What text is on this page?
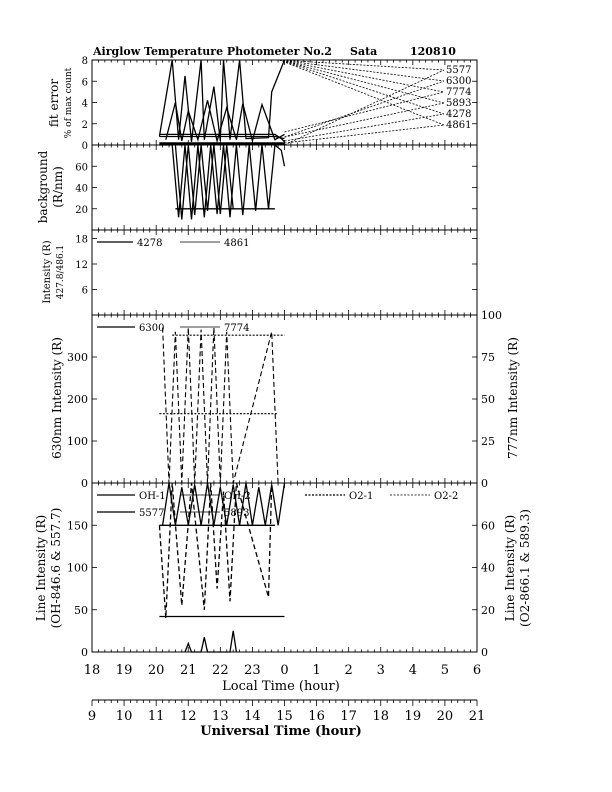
Airglow Temperature Photometer No.2 Sata	120810
0
2
4
6
8
5577
6300
7774
5893
4278
4861
20
40
60
6
12
18	4278	4861
0
100
200
300
0
25
50
75
100
6300	7774
0
50
100
150
0
20
40
60
OH-1	OH-2
5577	5893
O2-1	O2-2
fit error % of max count
background (R/nm)
Intensity (R) 427.8/486.1
630nm Intensity (R)	777nm Intensity (R)
Line Intensity (R) (OH-846.6 & 557.7)	Line Intensity (R) (O2-866.1 & 589.3)
18 19 20 21 22 23 0 1 2 3 4 5 6
Local Time (hour)
9 10 11 12 13 14 15 16 17 18 19 20 21
Universal Time (hour)
